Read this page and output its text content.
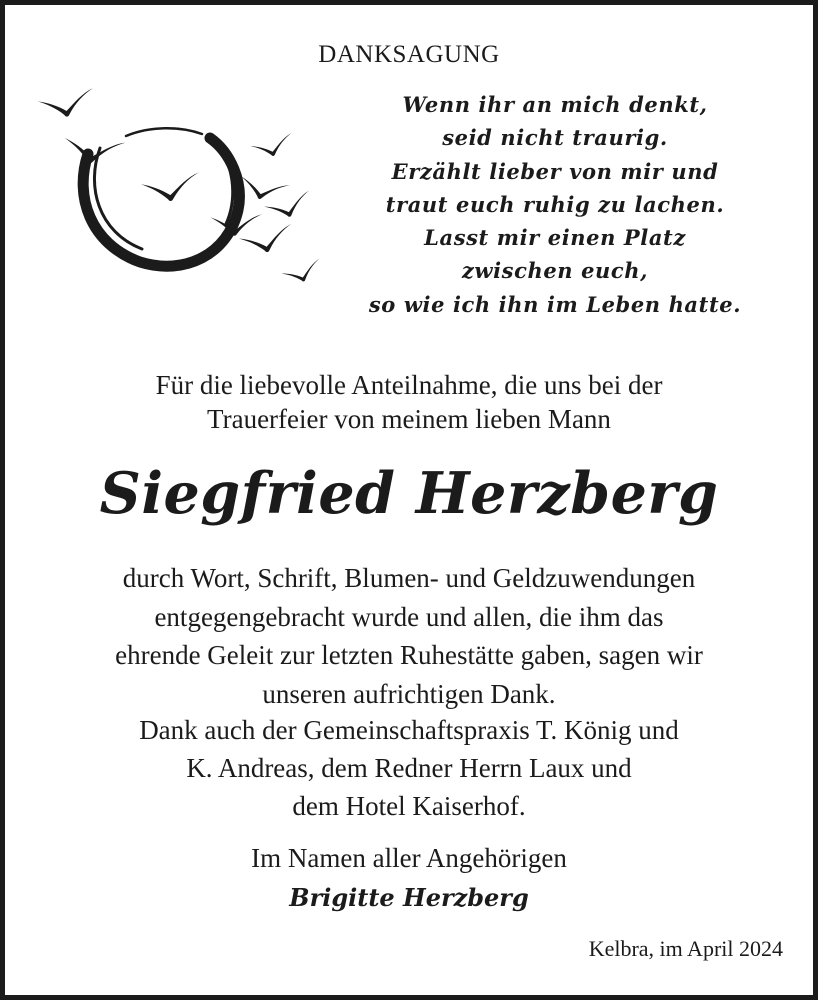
DANKSAGUNG
Wenn ihr an mich denkt,
seid nicht traurig.
Erzählt lieber von mir und
traut euch ruhig zu lachen.
Lasst mir einen Platz
zwischen euch,
so wie ich ihn im Leben hatte.
Für die liebevolle Anteilnahme, die uns bei der
Trauerfeier von meinem lieben Mann
Siegfried Herzberg
durch Wort, Schrift, Blumen- und Geldzuwendungen
entgegengebracht wurde und allen, die ihm das
ehrende Geleit zur letzten Ruhestätte gaben, sagen wir
unseren aufrichtigen Dank.
Dank auch der Gemeinschaftspraxis T. König und
K. Andreas, dem Redner Herrn Laux und
dem Hotel Kaiserhof.
Im Namen aller Angehörigen
Brigitte Herzberg
Kelbra, im April 2024
